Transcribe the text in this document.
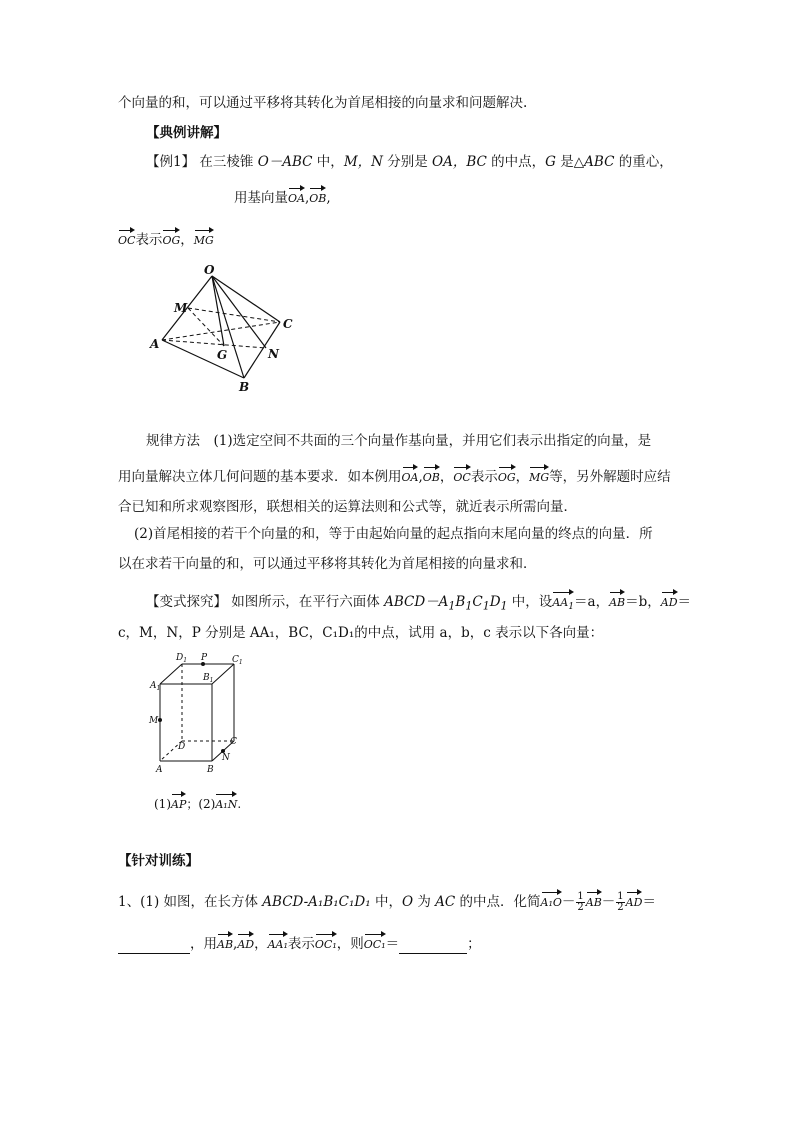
个向量的和，可以通过平移将其转化为首尾相接的向量求和问题解决.
【典例讲解】
【例1】 在三棱锥 O－ABC 中，M，N 分别是 OA，BC 的中点，G 是△ABC 的重心，
用基向量OA,OB,
OC表示OG，MG
O
M
C
A
G	N
B
规律方法　(1)选定空间不共面的三个向量作基向量，并用它们表示出指定的向量，是
用向量解决立体几何问题的基本要求．如本例用OA,OB，OC表示OG，MG等，另外解题时应结
合已知和所求观察图形，联想相关的运算法则和公式等，就近表示所需向量．
(2)首尾相接的若干个向量的和，等于由起始向量的起点指向末尾向量的终点的向量．所
以在求若干向量的和，可以通过平移将其转化为首尾相接的向量求和．
【变式探究】 如图所示，在平行六面体 $ABCD-A_1B_1C_1D_1$ 中，设$AA_1=a$，AB＝b，AD＝
c，M，N，P 分别是 AA₁，BC，C₁D₁的中点，试用 a，b，c 表示以下各向量：
$D_1$ P	$C_1$
$A_1$
$B_1$
M
D	C
N
A	B
(1)AP；(2)A₁N.
【针对训练】
1、(1) 如图，在长方体 ABCD-A₁B₁C₁D₁ 中，O 为 AC 的中点．化简$A_1O- \frac{1}{2} AB- \frac{1}{2} AD=$
，用AB,AD，AA₁表示OC₁，则OC₁＝	；
